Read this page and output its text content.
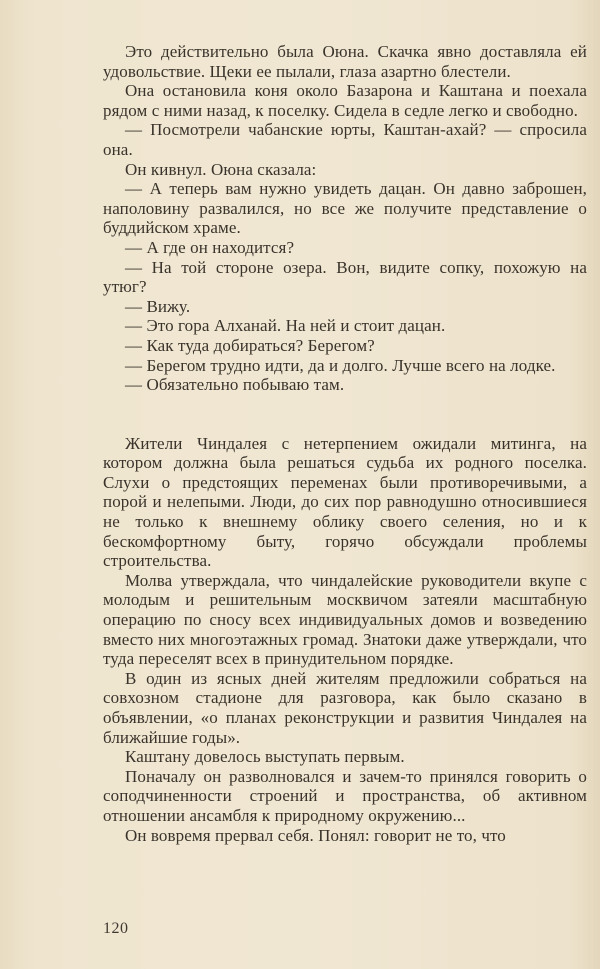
Это действительно была Оюна. Скачка явно доставляла ей удовольствие. Щеки ее пылали, глаза азартно блестели.

Она остановила коня около Базарона и Каштана и поехала рядом с ними назад, к поселку. Сидела в седле легко и свободно.

— Посмотрели чабанские юрты, Каштан-ахай? — спросила она.

Он кивнул. Оюна сказала:

— А теперь вам нужно увидеть дацан. Он давно заброшен, наполовину развалился, но все же получите представление о буддийском храме.

— А где он находится?

— На той стороне озера. Вон, видите сопку, похожую на утюг?

— Вижу.

— Это гора Алханай. На ней и стоит дацан.

— Как туда добираться? Берегом?

— Берегом трудно идти, да и долго. Лучше всего на лодке.

— Обязательно побываю там.

Жители Чиндалея с нетерпением ожидали митинга, на котором должна была решаться судьба их родного поселка. Слухи о предстоящих переменах были противоречивыми, а порой и нелепыми. Люди, до сих пор равнодушно относившиеся не только к внешнему облику своего селения, но и к бескомфортному быту, горячо обсуждали проблемы строительства.

Молва утверждала, что чиндалейские руководители вкупе с молодым и решительным москвичом затеяли масштабную операцию по сносу всех индивидуальных домов и возведению вместо них многоэтажных громад. Знатоки даже утверждали, что туда переселят всех в принудительном порядке.

В один из ясных дней жителям предложили собраться на совхозном стадионе для разговора, как было сказано в объявлении, «о планах реконструкции и развития Чиндалея на ближайшие годы».

Каштану довелось выступать первым.

Поначалу он разволновался и зачем-то принялся говорить о соподчиненности строений и пространства, об активном отношении ансамбля к природному окружению...

Он вовремя прервал себя. Понял: говорит не то, что

120
